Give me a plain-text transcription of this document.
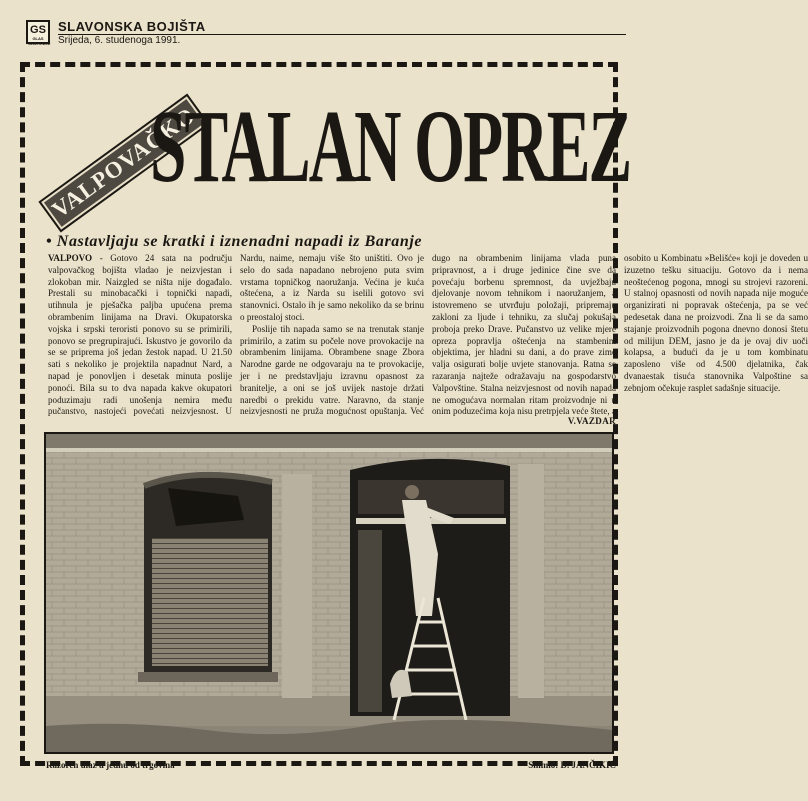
GS
GLAS SLAVONIJE
SLAVONSKA BOJIŠTA
Srijeda, 6. studenoga 1991.
VALPOVAČKO
STALAN OPREZ
• Nastavljaju se kratki i iznenadni napadi iz Baranje

VALPOVO - Gotovo 24 sata na području valpovačkog bojišta vladao je neizvjestan i zlokoban mir. Naizgled se ništa nije događalo. Prestali su minobacački i topnički napadi, utihnula je pješačka paljba upućena prema obrambenim linijama na Dravi. Okupatorska vojska i srpski teroristi ponovo su se primirili, ponovo se pregrupirajući. Iskustvo je govorilo da se se priprema još jedan žestok napad. U 21.50 sati s nekoliko je projektila napadnut Nard, a napad je ponovljen i desetak minuta poslije ponoći. Bila su to dva napada kakve okupatori poduzimaju radi unošenja nemira među pučanstvo, nastojeći povećati neizvjesnost. U Nardu, naime, nemaju više što uništiti. Ovo je selo do sada napadano nebrojeno puta svim vrstama topničkog naoružanja. Većina je kuća oštećena, a iz Narda su iselili gotovo svi stanovnici. Ostalo ih je samo nekoliko da se brinu o preostaloj stoci.

Poslije tih napada samo se na trenutak stanje primirilo, a zatim su počele nove provokacije na obrambenim linijama. Obrambene snage Zbora Narodne garde ne odgovaraju na te provokacije, jer i ne predstavljaju izravnu opasnost za branitelje, a oni se još uvijek nastoje držati naredbi o prekidu vatre. Naravno, da stanje neizvjesnosti ne pruža mogućnost opuštanja. Već dugo na obrambenim linijama vlada puna pripravnost, a i druge jedinice čine sve da povećaju borbenu spremnost, da uvježbaju djelovanje novom tehnikom i naoružanjem, a istovremeno se utvrđuju položaji, pripremaju zakloni za ljude i tehniku, za slučaj pokušaja proboja preko Drave. Pučanstvo uz velike mjere opreza popravlja oštećenja na stambenim objektima, jer hladni su dani, a do prave zime valja osigurati bolje uvjete stanovanja. Ratna se razaranja najteže odražavaju na gospodarstvo Valpovštine. Stalna neizvjesnost od novih napada ne omogućava normalan ritam proizvodnje ni u onim poduzećima koja nisu pretrpjela veće štete, a osobito u Kombinatu »Belišće« koji je doveden u izuzetno tešku situaciju. Gotovo da i nema neoštećenog pogona, mnogi su strojevi razoreni. U stalnoj opasnosti od novih napada nije moguće organizirati ni popravak oštećenja, pa se već pedesetak dana ne proizvodi. Zna li se da samo stajanje proizvodnih pogona dnevno donosi štetu od milijun DEM, jasno je da je ovaj div uoči kolapsa, a budući da je u tom kombinatu zaposleno više od 4.500 djelatnika, čak dvanaestak tisuća stanovnika Valpoštine sa zebnjom očekuje rasplet sadašnje situacije.

V.VAZDAR
Razoren ulaz u jednu od trgovina	Snimio: D. JANČIKIĆ
